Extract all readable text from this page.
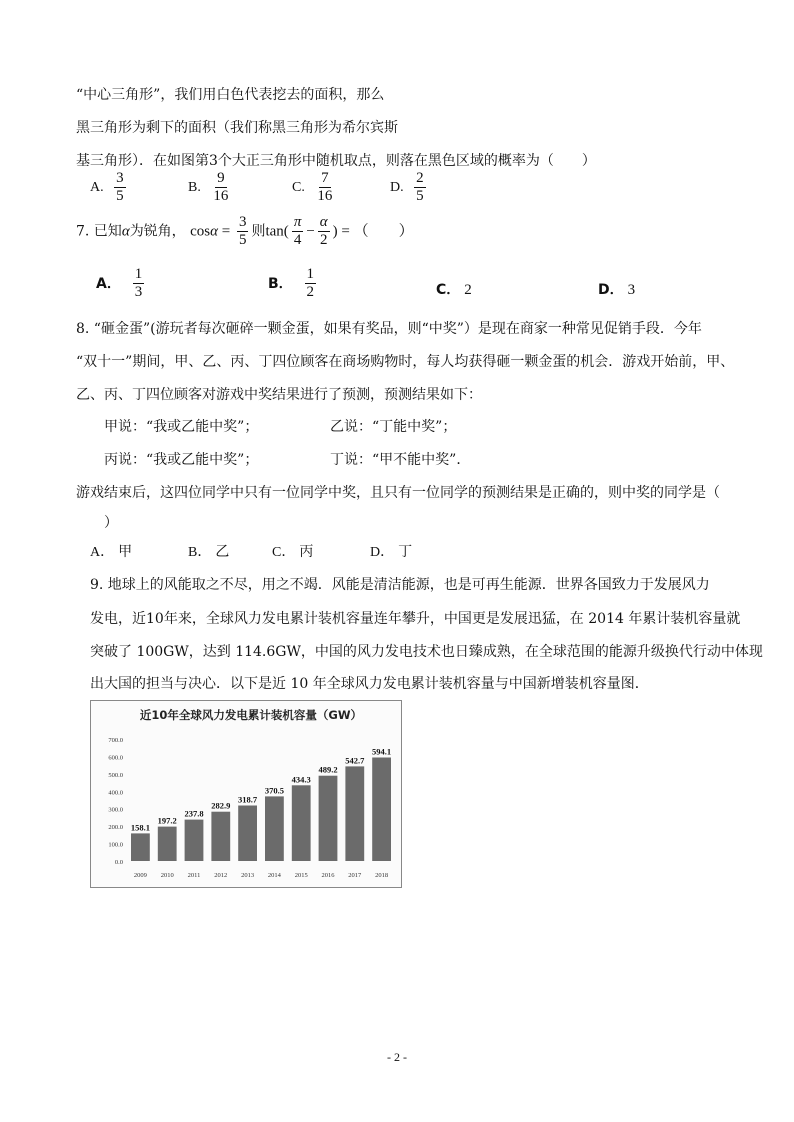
“中心三角形”，我们用白色代表挖去的面积，那么
黑三角形为剩下的面积（我们称黑三角形为希尔宾斯
基三角形）．在如图第3个大正三角形中随机取点，则落在黑色区域的概率为（　　）
A. $\frac{3}{5}$	B. $\frac{9}{16}$	C. $\frac{7}{16}$	D. $\frac{2}{5}$
7. 已知α为锐角， $\cos\alpha = \frac{3}{5}$ 则$\tan( \frac{\pi}{4} - \frac{\alpha}{2}$ ) = （　　）
A． $\frac{1}{3}$	B． $\frac{1}{2}$	C． 2	D． 3
8. “砸金蛋”(游玩者每次砸碎一颗金蛋，如果有奖品，则“中奖”）是现在商家一种常见促销手段．今年
“双十一”期间，甲、乙、丙、丁四位顾客在商场购物时，每人均获得砸一颗金蛋的机会．游戏开始前，甲、
乙、丙、丁四位顾客对游戏中奖结果进行了预测，预测结果如下：
甲说：“我或乙能中奖”；	乙说：“丁能中奖”；
丙说：“我或乙能中奖”；	丁说：“甲不能中奖”．
游戏结束后，这四位同学中只有一位同学中奖，且只有一位同学的预测结果是正确的，则中奖的同学是（
）
A． 甲	B． 乙	C． 丙	D． 丁
9. 地球上的风能取之不尽，用之不竭．风能是清洁能源，也是可再生能源．世界各国致力于发展风力
发电，近10年来，全球风力发电累计装机容量连年攀升，中国更是发展迅猛，在 2014 年累计装机容量就
突破了 100GW，达到 114.6GW，中国的风力发电技术也日臻成熟，在全球范围的能源升级换代行动中体现
出大国的担当与决心．以下是近 10 年全球风力发电累计装机容量与中国新增装机容量图．
近10年全球风力发电累计装机容量（GW）
0.0
100.0
200.0
300.0
400.0
500.0
600.0
700.0
158.1
197.2
237.8
282.9
318.7
370.5
434.3
489.2
542.7
594.1
2009 2010 2011 2012 2013 2014 2015 2016 2017 2018
- 2 -
